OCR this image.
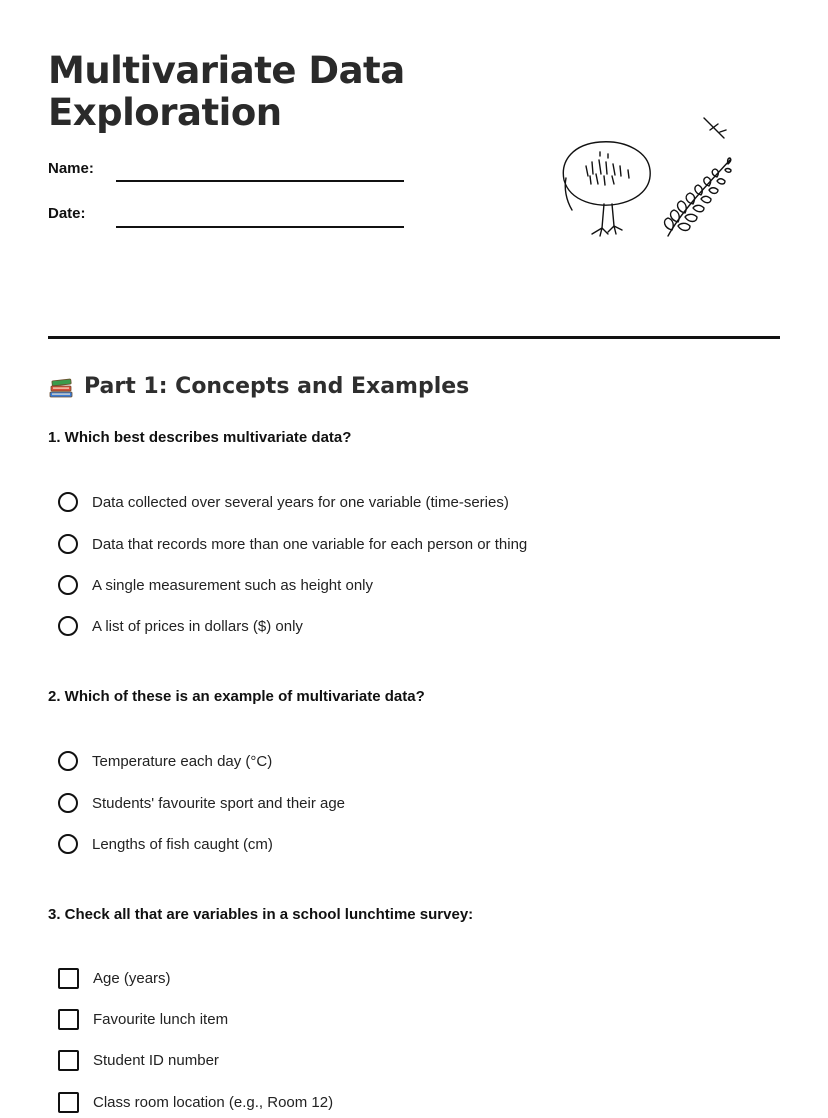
Multivariate Data Exploration
Name:
Date:
Part 1: Concepts and Examples

1. Which best describes multivariate data?

Data collected over several years for one variable (time-series)
Data that records more than one variable for each person or thing
A single measurement such as height only
A list of prices in dollars ($) only

2. Which of these is an example of multivariate data?

Temperature each day (°C)
Students' favourite sport and their age
Lengths of fish caught (cm)

3. Check all that are variables in a school lunchtime survey:

Age (years)
Favourite lunch item
Student ID number
Class room location (e.g., Room 12)
